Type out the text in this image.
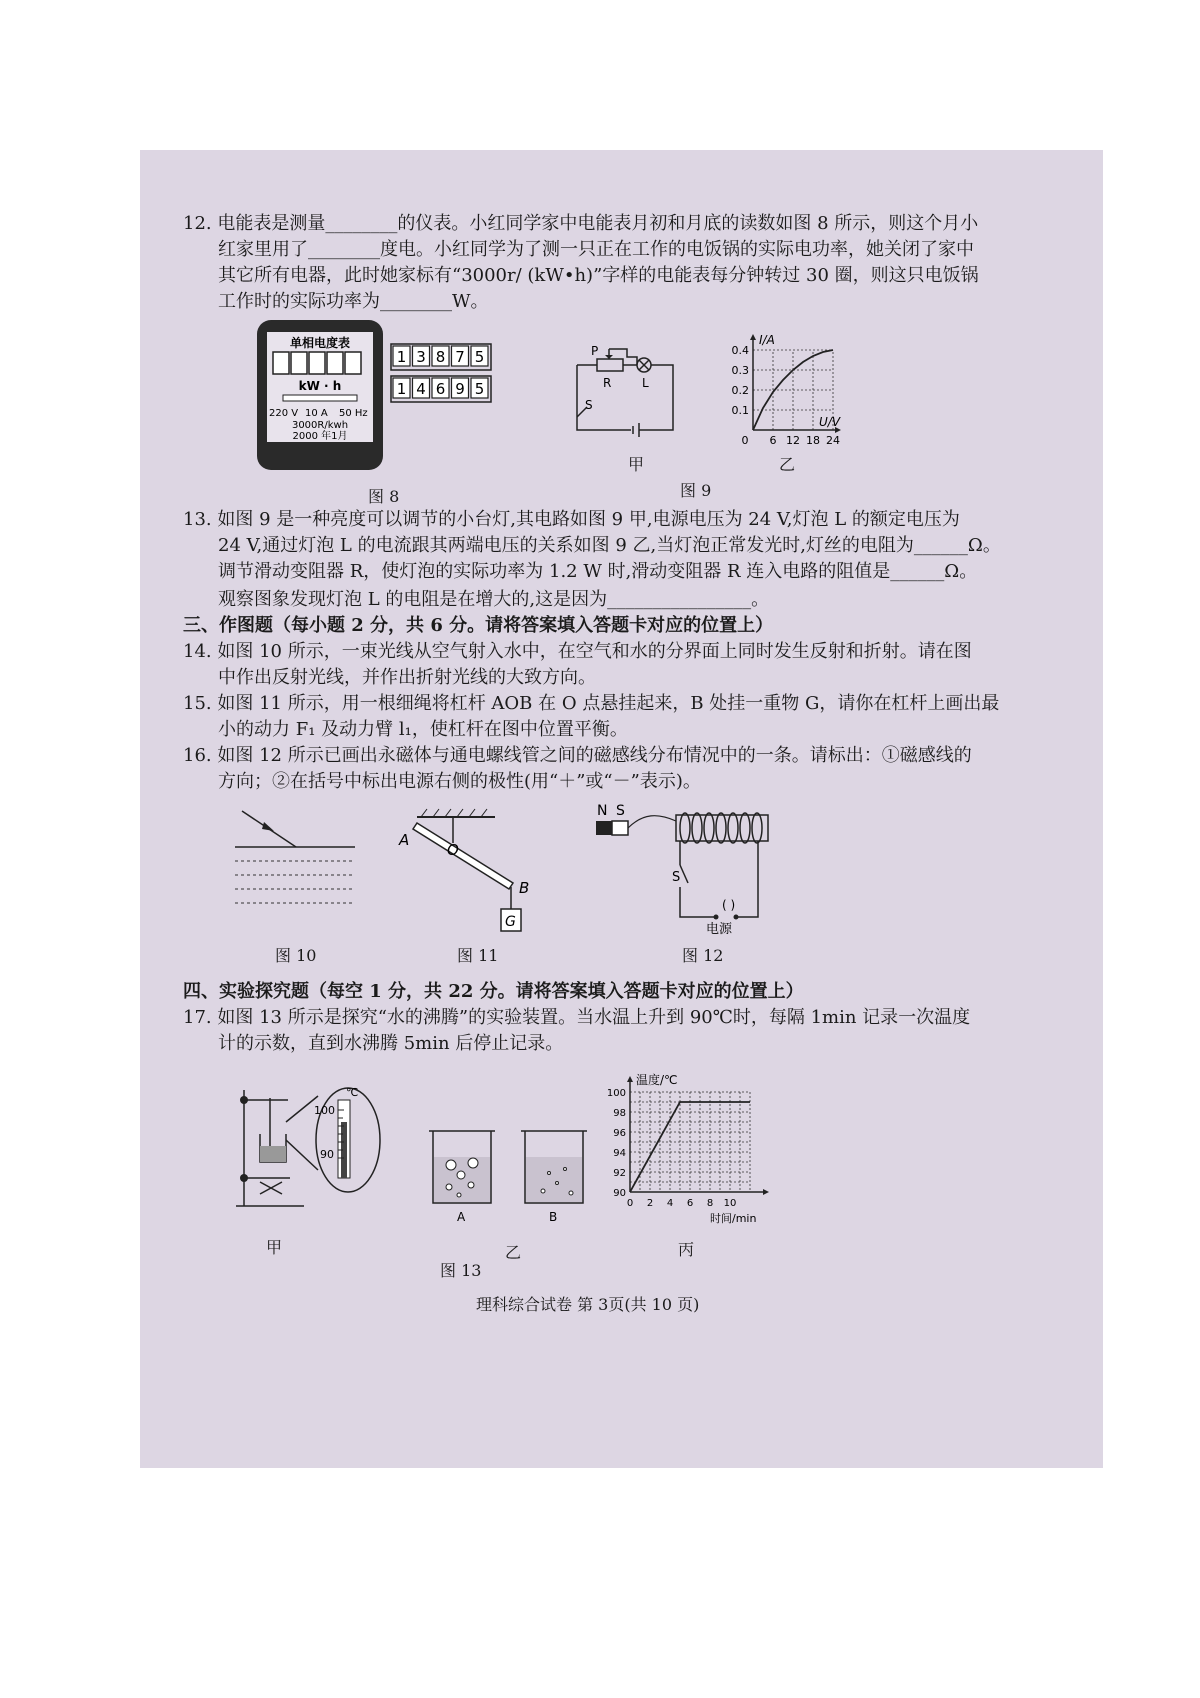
12. 电能表是测量________的仪表。小红同学家中电能表月初和月底的读数如图 8 所示，则这个月小
红家里用了________度电。小红同学为了测一只正在工作的电饭锅的实际电功率，她关闭了家中
其它所有电器，此时她家标有“3000r/ (kW•h)”字样的电能表每分钟转过 30 圈，则这只电饭锅
工作时的实际功率为________W。
单相电度表
kW · h
220 V 10 A 50 Hz
3000R/kwh
2000 年1月
1 3 8 7 5
1 4 6 9 5
图 8
P
R	L
S
甲
0.4
0.3
0.2
0.1
0 6 12 18 24
I/A
U/V
乙
图 9
13. 如图 9 是一种亮度可以调节的小台灯,其电路如图 9 甲,电源电压为 24 V,灯泡 L 的额定电压为
24 V,通过灯泡 L 的电流跟其两端电压的关系如图 9 乙,当灯泡正常发光时,灯丝的电阻为______Ω。
调节滑动变阻器 R，使灯泡的实际功率为 1.2 W 时,滑动变阻器 R 连入电路的阻值是______Ω。
观察图象发现灯泡 L 的电阻是在增大的,这是因为________________。
三、作图题（每小题 2 分，共 6 分。请将答案填入答题卡对应的位置上）
14. 如图 10 所示，一束光线从空气射入水中，在空气和水的分界面上同时发生反射和折射。请在图
中作出反射光线，并作出折射光线的大致方向。
15. 如图 11 所示，用一根细绳将杠杆 AOB 在 O 点悬挂起来，B 处挂一重物 G，请你在杠杆上画出最
小的动力 F₁ 及动力臂 l₁，使杠杆在图中位置平衡。
16. 如图 12 所示已画出永磁体与通电螺线管之间的磁感线分布情况中的一条。请标出：①磁感线的
方向；②在括号中标出电源右侧的极性(用“＋”或“－”表示)。
图 10
A
O
B
G
图 11
N S
S
( )
电源
图 12
四、实验探究题（每空 1 分，共 22 分。请将答案填入答题卡对应的位置上）
17. 如图 13 所示是探究“水的沸腾”的实验装置。当水温上升到 90℃时，每隔 1min 记录一次温度
计的示数，直到水沸腾 5min 后停止记录。
℃
100
90
甲
A	B
乙
图 13
温度/℃
时间/min
100
98
96
94
92
90
0 2 4 6 8 10
丙
理科综合试卷 第 3页(共 10 页)
